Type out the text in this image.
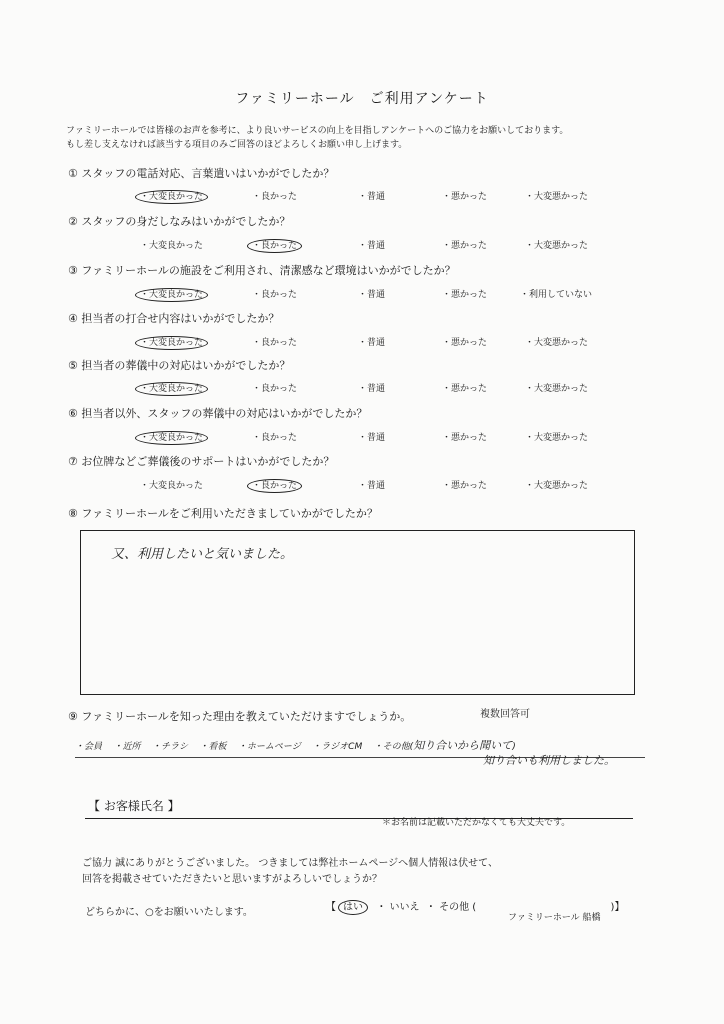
ファミリーホール　ご利用アンケート
ファミリーホールでは皆様のお声を参考に、より良いサービスの向上を目指しアンケートへのご協力をお願いしております。
もし差し支えなければ該当する項目のみご回答のほどよろしくお願い申し上げます。
① スタッフの電話対応、言葉遣いはいかがでしたか？
・大変良かった	・良かった	・普通	・悪かった	・大変悪かった
② スタッフの身だしなみはいかがでしたか？
・大変良かった	・良かった	・普通	・悪かった	・大変悪かった
③ ファミリーホールの施設をご利用され、清潔感など環境はいかがでしたか？
・大変良かった	・良かった	・普通	・悪かった	・利用していない
④ 担当者の打合せ内容はいかがでしたか？
・大変良かった	・良かった	・普通	・悪かった	・大変悪かった
⑤ 担当者の葬儀中の対応はいかがでしたか？
・大変良かった	・良かった	・普通	・悪かった	・大変悪かった
⑥ 担当者以外、スタッフの葬儀中の対応はいかがでしたか？
・大変良かった	・良かった	・普通	・悪かった	・大変悪かった
⑦ お位牌などご葬儀後のサポートはいかがでしたか？
・大変良かった	・良かった	・普通	・悪かった	・大変悪かった
⑧ ファミリーホールをご利用いただきましていかがでしたか？
又、利用したいと気いました。
⑨ ファミリーホールを知った理由を教えていただけますでしょうか。	複数回答可
・会員 ・近所 ・チラシ ・看板 ・ホームページ ・ラジオCM ・その他(知り合いから聞いて)
知り合いも利用しました。
【 お客様氏名 】
＊お名前は記載いただかなくても大丈夫です。
ご協力 誠にありがとうございました。 つきましては弊社ホームページへ個人情報は伏せて、
回答を掲載させていただきたいと思いますがよろしいでしょうか？
どちらかに、○をお願いいたします。	【 はい ・ いいえ ・ その他 (	)】
ファミリーホール 船橋
